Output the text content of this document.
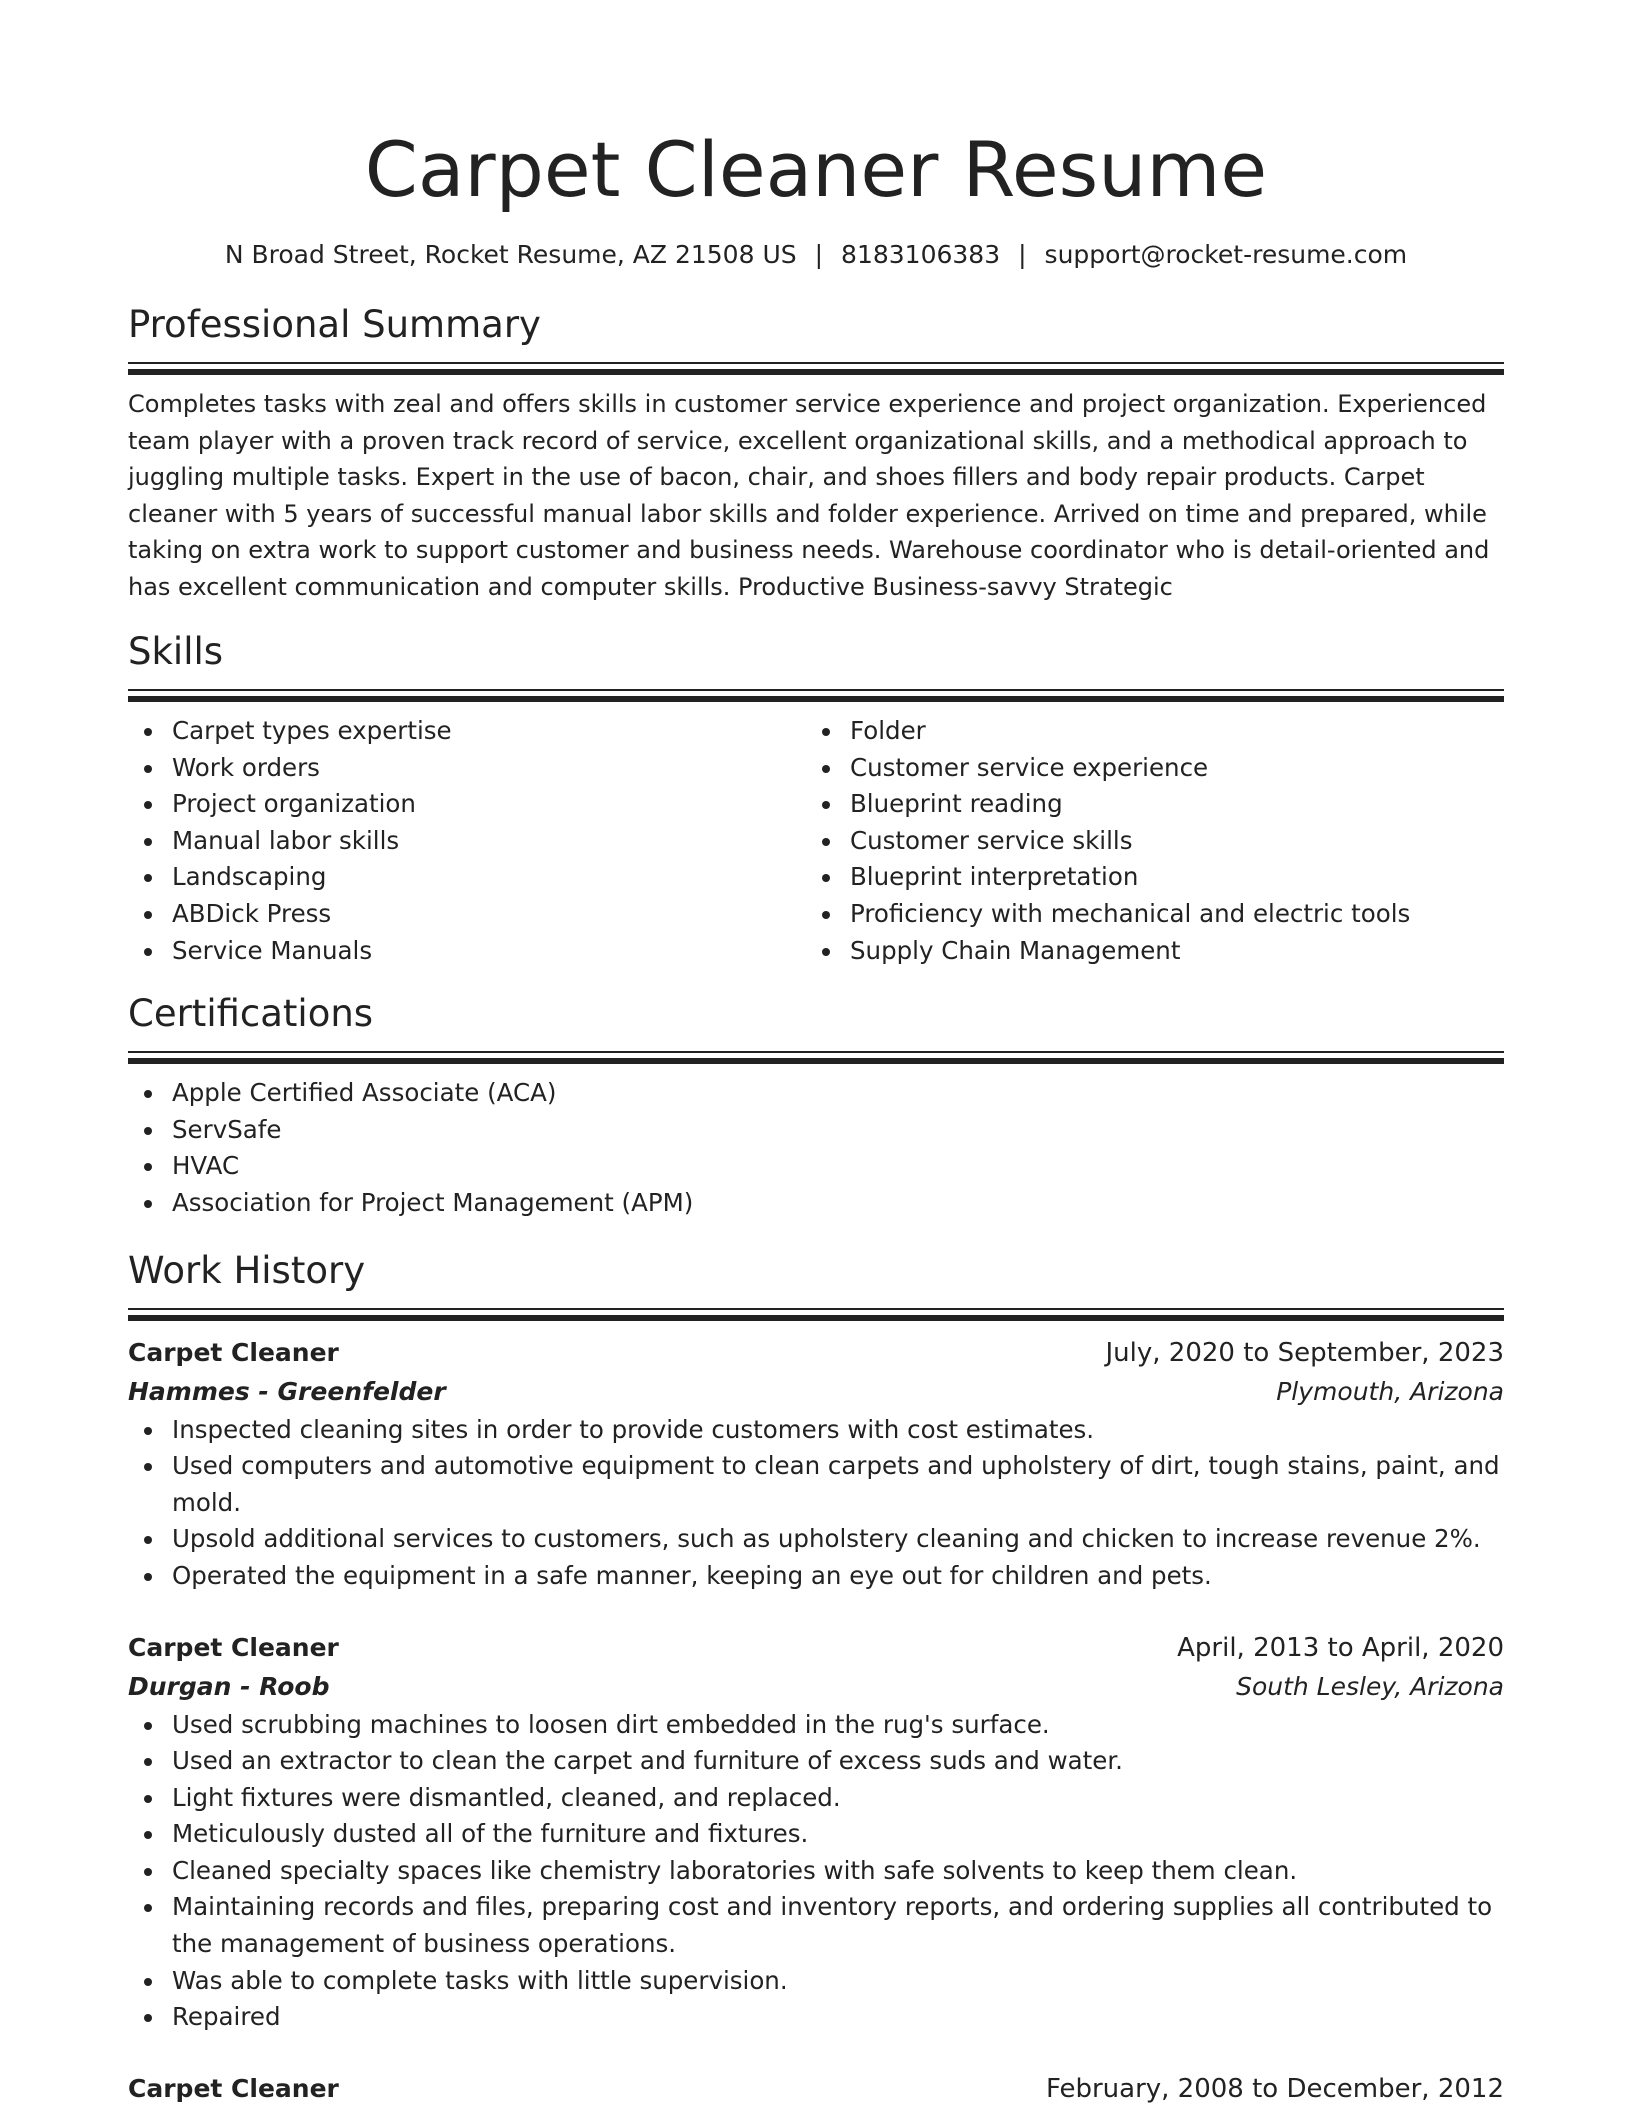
Carpet Cleaner Resume
N Broad Street, Rocket Resume, AZ 21508 US | 8183106383 | support@rocket-resume.com
Professional Summary
Completes tasks with zeal and offers skills in customer service experience and project organization. Experienced team player with a proven track record of service, excellent organizational skills, and a methodical approach to juggling multiple tasks. Expert in the use of bacon, chair, and shoes fillers and body repair products. Carpet cleaner with 5 years of successful manual labor skills and folder experience. Arrived on time and prepared, while taking on extra work to support customer and business needs. Warehouse coordinator who is detail-oriented and has excellent communication and computer skills. Productive Business-savvy Strategic
Skills
Carpet types expertise
Work orders
Project organization
Manual labor skills
Landscaping
ABDick Press
Service Manuals
Folder
Customer service experience
Blueprint reading
Customer service skills
Blueprint interpretation
Proficiency with mechanical and electric tools
Supply Chain Management
Certifications
Apple Certified Associate (ACA)
ServSafe
HVAC
Association for Project Management (APM)
Work History
Carpet Cleaner	July, 2020 to September, 2023
Hammes - Greenfelder	Plymouth, Arizona
Inspected cleaning sites in order to provide customers with cost estimates.
Used computers and automotive equipment to clean carpets and upholstery of dirt, tough stains, paint, and mold.
Upsold additional services to customers, such as upholstery cleaning and chicken to increase revenue 2%.
Operated the equipment in a safe manner, keeping an eye out for children and pets.
Carpet Cleaner	April, 2013 to April, 2020
Durgan - Roob	South Lesley, Arizona
Used scrubbing machines to loosen dirt embedded in the rug's surface.
Used an extractor to clean the carpet and furniture of excess suds and water.
Light fixtures were dismantled, cleaned, and replaced.
Meticulously dusted all of the furniture and fixtures.
Cleaned specialty spaces like chemistry laboratories with safe solvents to keep them clean.
Maintaining records and files, preparing cost and inventory reports, and ordering supplies all contributed to the management of business operations.
Was able to complete tasks with little supervision.
Repaired
Carpet Cleaner	February, 2008 to December, 2012
